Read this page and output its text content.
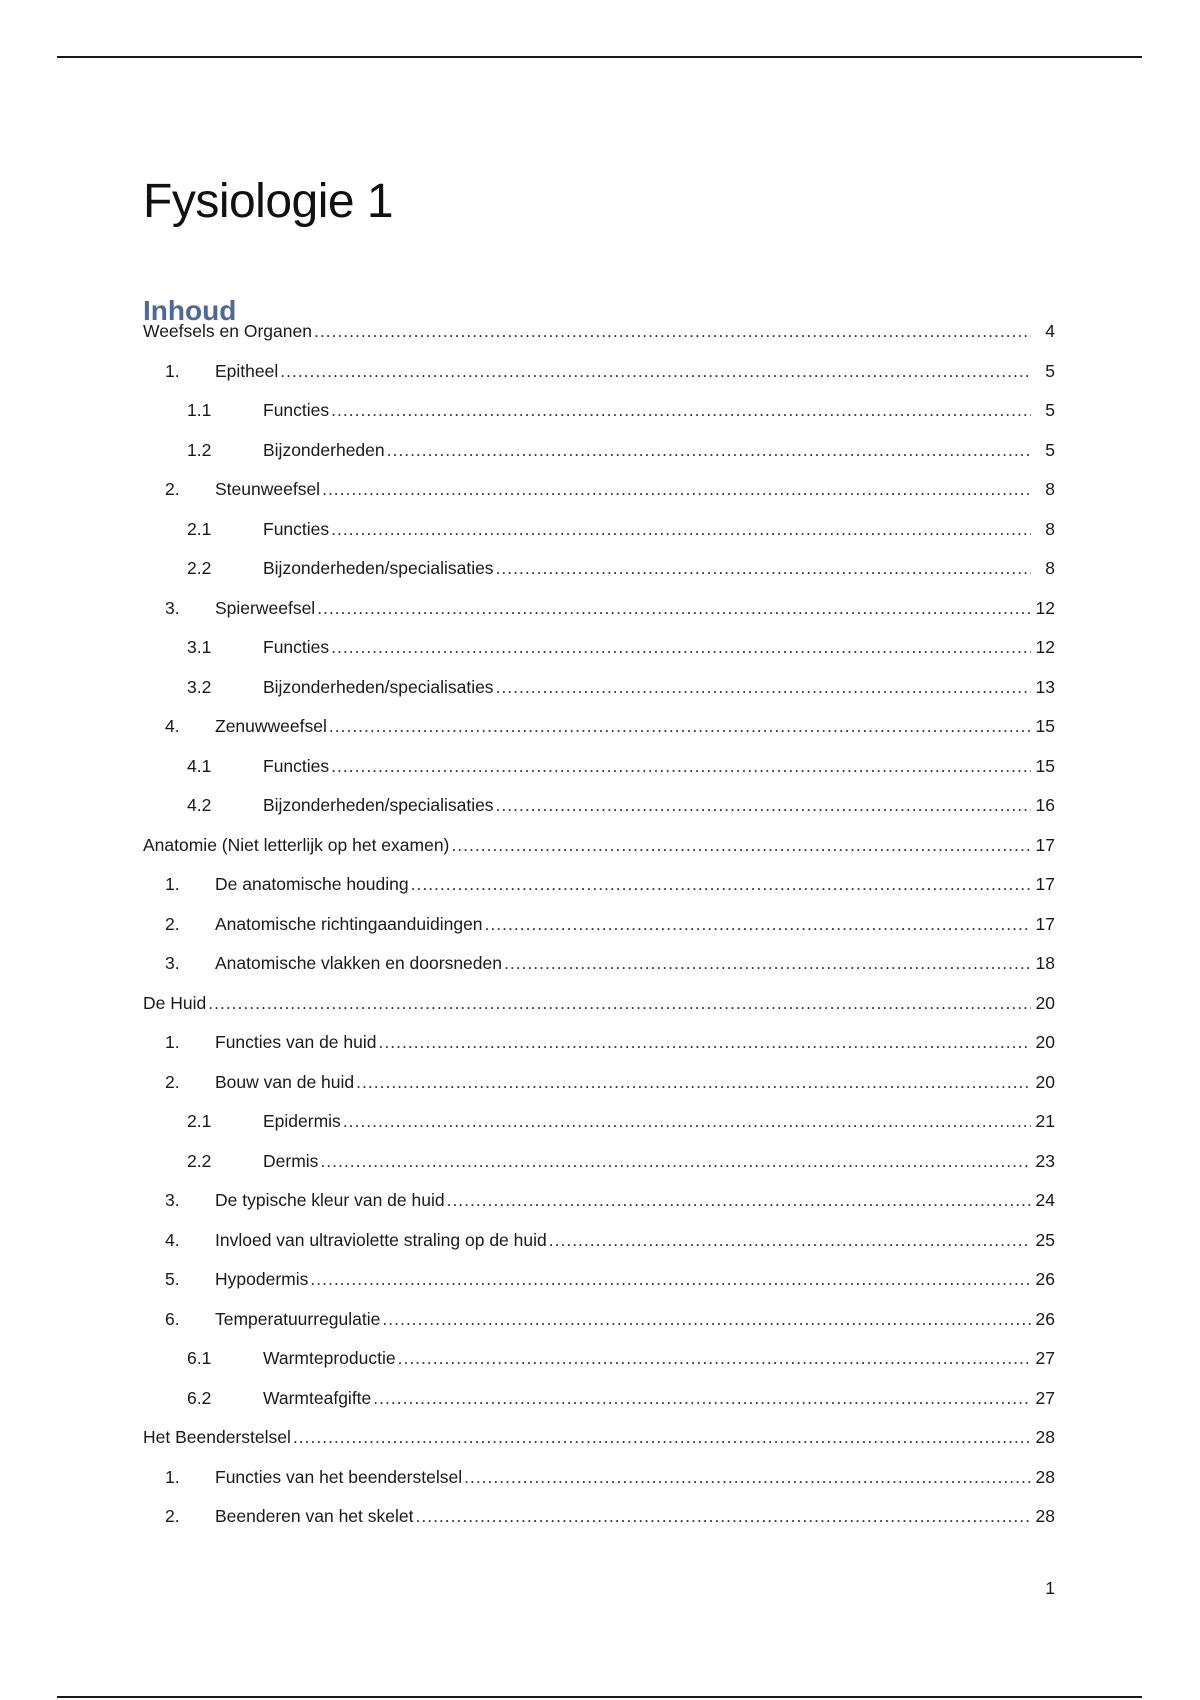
Fysiologie 1
Inhoud
Weefsels en Organen .....	4
1.	Epitheel .....	5
1.1	Functies .....	5
1.2	Bijzonderheden .....	5
2.	Steunweefsel .....	8
2.1	Functies .....	8
2.2	Bijzonderheden/specialisaties .....	8
3.	Spierweefsel .....	12
3.1	Functies .....	12
3.2	Bijzonderheden/specialisaties .....	13
4.	Zenuwweefsel .....	15
4.1	Functies .....	15
4.2	Bijzonderheden/specialisaties .....	16
Anatomie (Niet letterlijk op het examen) .....	17
1.	De anatomische houding .....	17
2.	Anatomische richtingaanduidingen .....	17
3.	Anatomische vlakken en doorsneden .....	18
De Huid .....	20
1.	Functies van de huid .....	20
2.	Bouw van de huid .....	20
2.1	Epidermis .....	21
2.2	Dermis .....	23
3.	De typische kleur van de huid .....	24
4.	Invloed van ultraviolette straling op de huid .....	25
5.	Hypodermis .....	26
6.	Temperatuurregulatie .....	26
6.1	Warmteproductie .....	27
6.2	Warmteafgifte .....	27
Het Beenderstelsel .....	28
1.	Functies van het beenderstelsel .....	28
2.	Beenderen van het skelet .....	28
1
